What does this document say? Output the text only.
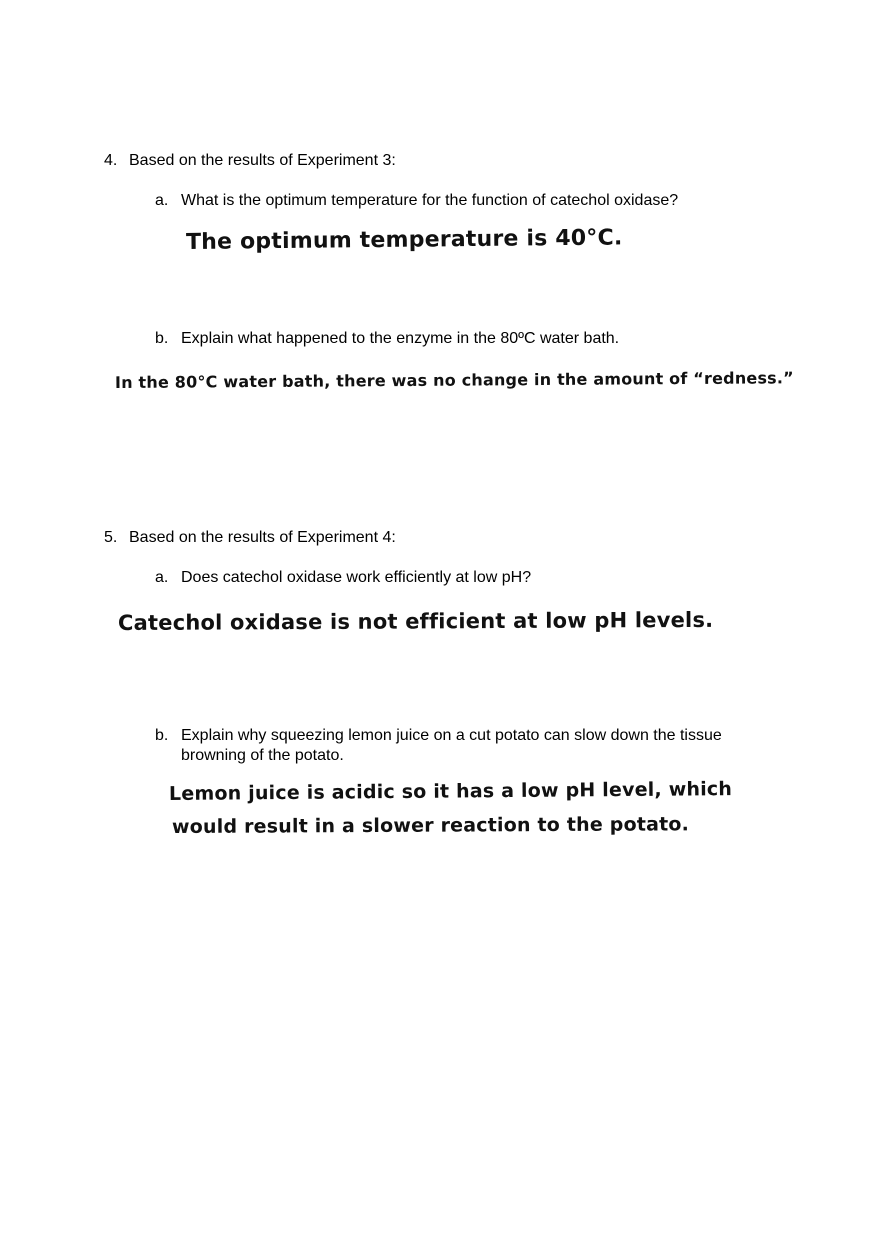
4. Based on the results of Experiment 3:
a. What is the optimum temperature for the function of catechol oxidase?
The optimum temperature is 40°C.
b. Explain what happened to the enzyme in the 80ºC water bath.
In the 80°C water bath, there was no change in the amount of “redness.”
5. Based on the results of Experiment 4:
a. Does catechol oxidase work efficiently at low pH?
Catechol oxidase is not efficient at low pH levels.
b. Explain why squeezing lemon juice on a cut potato can slow down the tissue
browning of the potato.
Lemon juice is acidic so it has a low pH level, which
would result in a slower reaction to the potato.
